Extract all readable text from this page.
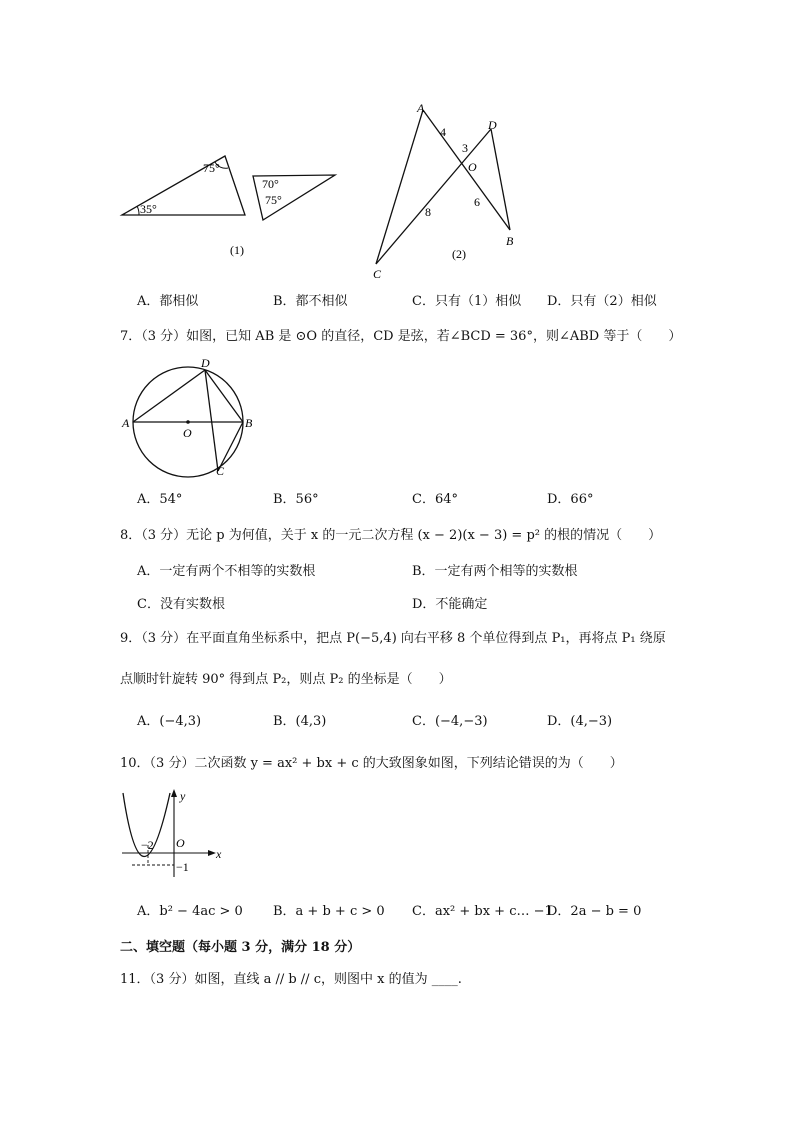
75°
35°
70°
75°
(1)
A
D
O
B
C
4
3
8
6
(2)
A．都相似	B．都不相似	C．只有（1）相似 D．只有（2）相似
7．（3 分）如图，已知 AB 是 ⊙O 的直径，CD 是弦，若∠BCD = 36°，则∠ABD 等于（　　）
A	B
D
C
O
A．54°	B．56°	C．64°	D．66°
8．（3 分）无论 p 为何值，关于 x 的一元二次方程 (x − 2)(x − 3) = p² 的根的情况（　　）
A．一定有两个不相等的实数根	B．一定有两个相等的实数根
C．没有实数根	D．不能确定
9．（3 分）在平面直角坐标系中，把点 P(−5,4) 向右平移 8 个单位得到点 P₁，再将点 P₁ 绕原
点顺时针旋转 90° 得到点 P₂，则点 P₂ 的坐标是（　　）
A．(−4,3)	B．(4,3)	C．(−4,−3)	D．(4,−3)
10．（3 分）二次函数 y = ax² + bx + c 的大致图象如图，下列结论错误的为（　　）
y
x
−2 O
−1
A．b² − 4ac > 0 B．a + b + c > 0 C．ax² + bx + c… −1
D．2a − b = 0
二、填空题（每小题 3 分，满分 18 分）
11．（3 分）如图，直线 a // b // c，则图中 x 的值为 ____.
